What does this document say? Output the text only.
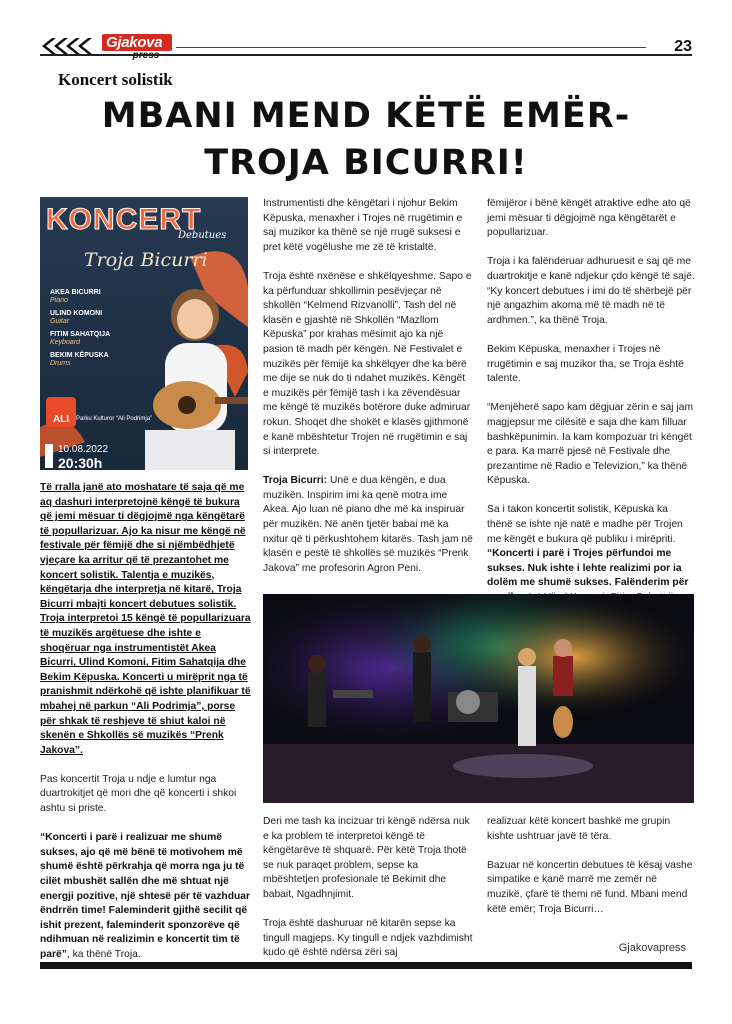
Gjakova	23
Koncert solistik
MBANI MEND KËTË EMËR- TROJA BICURRI!
KONCERT
Debutues
Troja Bicurri
AKEA BICURRI
Piano
ULIND KOMONI
Guitar
FITIM SAHATQIJA
Keyboard
BEKIM KËPUSKA
Drums
ALI	Parku Kulturor “Ali Podrimja”
10.08.2022
20:30h

Të rralla janë ato moshatare të saja që me aq dashuri interpretojnë këngë të bukura që jemi mësuar ti dëgjojmë nga këngëtarë të popullarizuar. Ajo ka nisur me këngë në festivale për fëmijë dhe si njëmbëdhjetë vjeçare ka arritur që të prezantohet me koncert solistik. Talentja e muzikës, këngëtarja dhe interpretja në kitarë, Troja Bicurri mbajti koncert debutues solistik. Troja interpretoi 15 këngë të popullarizuara të muzikës argëtuese dhe ishte e shoqëruar nga instrumentistët Akea Bicurri, Ulind Komoni, Fitim Sahatqija dhe Bekim Këpuska. Koncerti u mirëprit nga të pranishmit ndërkohë që ishte planifikuar të mbahej në parkun “Ali Podrimja”, porse për shkak të reshjeve të shiut kaloi në skenën e Shkollës së muzikës “Prenk Jakova”.

Pas koncertit Troja u ndje e lumtur nga duartrokitjet që mori dhe që koncerti i shkoi ashtu si priste.

“Koncerti i parë i realizuar me shumë sukses, ajo që më bënë të motivohem më shumë është përkrahja që morra nga ju të cilët mbushët sallën dhe më shtuat një energji pozitive, një shtesë për të vazhduar ëndrrën time! Faleminderit gjithë secilit që ishit prezent, faleminderit sponzorëve që ndihmuan në realizimin e koncertit tim të parë”, ka thënë Troja.

Instrumentisti dhe këngëtari i njohur Bekim Këpuska, menaxher i Trojes në rrugëtimin e saj muzikor ka thënë se një rrugë suksesi e pret këtë vogëlushe me zë të kristaltë.

Troja është nxënëse e shkëlqyeshme. Sapo e ka përfunduar shkollimin pesëvjeçar në shkollën “Kelmend Rizvanolli”. Tash del në klasën e gjashtë në Shkollën “Mazllom Këpuska” por krahas mësimit ajo ka një pasion të madh për këngën. Në Festivalet e muzikës për fëmijë ka shkëlqyer dhe ka bërë me dije se nuk do ti ndahet muzikës. Këngët e muzikës për fëmijë tash i ka zëvendësuar me këngë të muzikës botërore duke admiruar rokun. Shoqet dhe shokët e klasës gjithmonë e kanë mbështetur Trojen në rrugëtimin e saj si interprete.

Troja Bicurri: Unë e dua këngën, e dua muzikën. Inspirim imi ka qenë motra ime Akea. Ajo luan në piano dhe më ka inspiruar për muzikën. Në anën tjetër babai më ka nxitur që ti përkushtohem kitarës. Tash jam në klasën e pestë të shkollës së muzikës “Prenk Jakova” me profesorin Agron Peni.

fëmijëror i bënë këngët atraktive edhe ato që jemi mësuar ti dëgjojmë nga këngëtarët e popullarizuar.

Troja i ka falënderuar adhuruesit e saj që me duartrokitje e kanë ndjekur çdo këngë të sajë.

“Ky koncert debutues i imi do të shërbejë për një angazhim akoma më të madh në të ardhmen.”, ka thënë Troja.

Bekim Këpuska, menaxher i Trojes në rrugëtimin e saj muzikor tha, se Troja është talente.

“Menjëherë sapo kam dëgjuar zërin e saj jam magjepsur me cilësitë e saja dhe kam filluar bashkëpunimin. Ia kam kompozuar tri këngët e para. Ka marrë pjesë në Festivale dhe prezantime në Radio e Televizion,” ka thënë Këpuska.

Sa i takon koncertit solistik, Këpuska ka thënë se ishte një natë e madhe për Trojen me këngët e bukura që publiku i mirëpriti.

“Koncerti i parë i Trojes përfundoi me sukses. Nuk ishte i lehte realizimi por ia dolëm me shumë sukses. Falënderim për

Deri me tash ka incizuar tri këngë ndërsa nuk e ka problem të interpretoi këngë të këngëtarëve të shquarë. Për këtë Troja thotë se nuk paraqet problem, sepse ka mbështetjen profesionale të Bekimit dhe babait, Ngadhnjimit.

Troja është dashuruar në kitarën sepse ka tingull magjeps. Ky tingull e ndjek vazhdimisht kudo që është ndërsa zëri saj

realizuar këtë koncert bashkë me grupin kishte ushtruar javë të tëra.

Bazuar në koncertin debutues të kësaj vashe simpatike e kanë marrë me zemër në muzikë, çfarë të themi në fund. Mbani mend këtë emër; Troja Bicurri…

Gjakovapress
